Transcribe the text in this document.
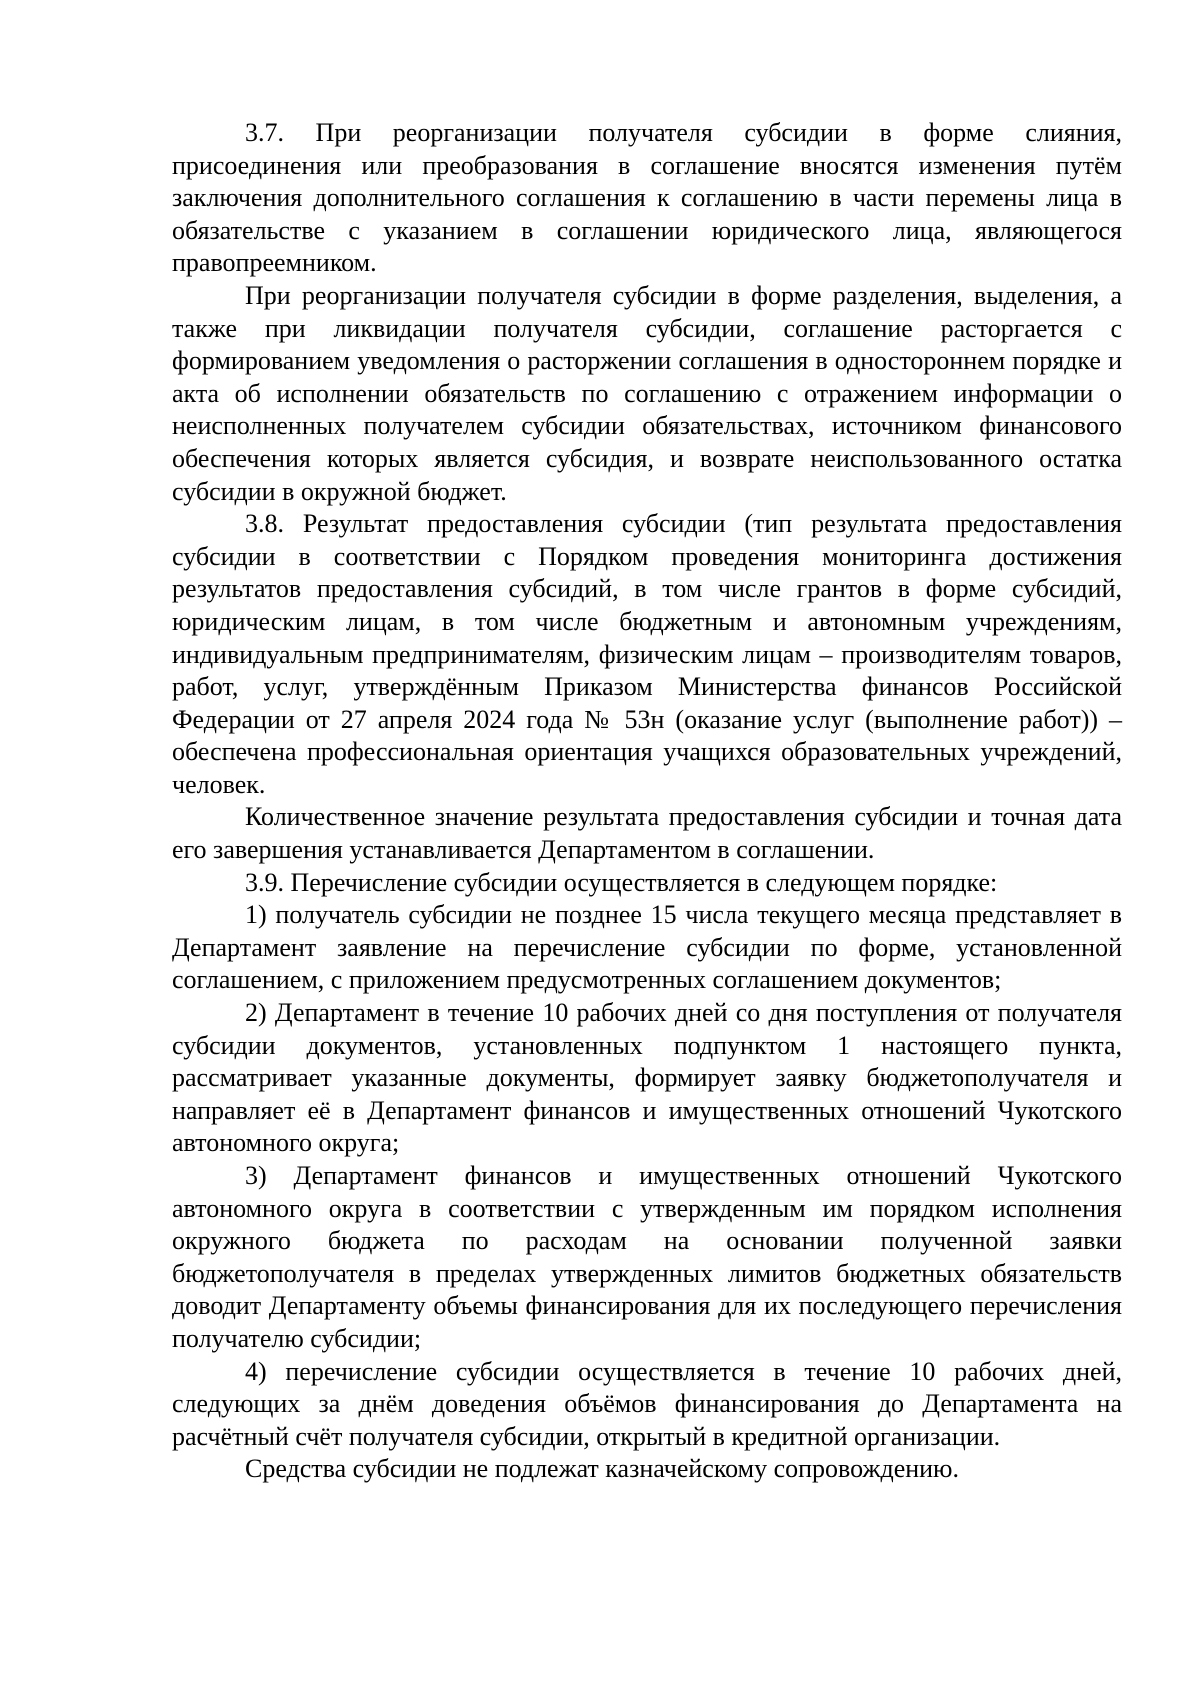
3.7. При реорганизации получателя субсидии в форме слияния, присоединения или преобразования в соглашение вносятся изменения путём заключения дополнительного соглашения к соглашению в части перемены лица в обязательстве с указанием в соглашении юридического лица, являющегося правопреемником.

При реорганизации получателя субсидии в форме разделения, выделения, а также при ликвидации получателя субсидии, соглашение расторгается с формированием уведомления о расторжении соглашения в одностороннем порядке и акта об исполнении обязательств по соглашению с отражением информации о неисполненных получателем субсидии обязательствах, источником финансового обеспечения которых является субсидия, и возврате неиспользованного остатка субсидии в окружной бюджет.

3.8. Результат предоставления субсидии (тип результата предоставления субсидии в соответствии с Порядком проведения мониторинга достижения результатов предоставления субсидий, в том числе грантов в форме субсидий, юридическим лицам, в том числе бюджетным и автономным учреждениям, индивидуальным предпринимателям, физическим лицам – производителям товаров, работ, услуг, утверждённым Приказом Министерства финансов Российской Федерации от 27 апреля 2024 года № 53н (оказание услуг (выполнение работ)) – обеспечена профессиональная ориентация учащихся образовательных учреждений, человек.

Количественное значение результата предоставления субсидии и точная дата его завершения устанавливается Департаментом в соглашении.

3.9. Перечисление субсидии осуществляется в следующем порядке:

1) получатель субсидии не позднее 15 числа текущего месяца представляет в Департамент заявление на перечисление субсидии по форме, установленной соглашением, с приложением предусмотренных соглашением документов;

2) Департамент в течение 10 рабочих дней со дня поступления от получателя субсидии документов, установленных подпунктом 1 настоящего пункта, рассматривает указанные документы, формирует заявку бюджетополучателя и направляет её в Департамент финансов и имущественных отношений Чукотского автономного округа;

3) Департамент финансов и имущественных отношений Чукотского автономного округа в соответствии с утвержденным им порядком исполнения окружного бюджета по расходам на основании полученной заявки бюджетополучателя в пределах утвержденных лимитов бюджетных обязательств доводит Департаменту объемы финансирования для их последующего перечисления получателю субсидии;

4) перечисление субсидии осуществляется в течение 10 рабочих дней, следующих за днём доведения объёмов финансирования до Департамента на расчётный счёт получателя субсидии, открытый в кредитной организации.

Средства субсидии не подлежат казначейскому сопровождению.
